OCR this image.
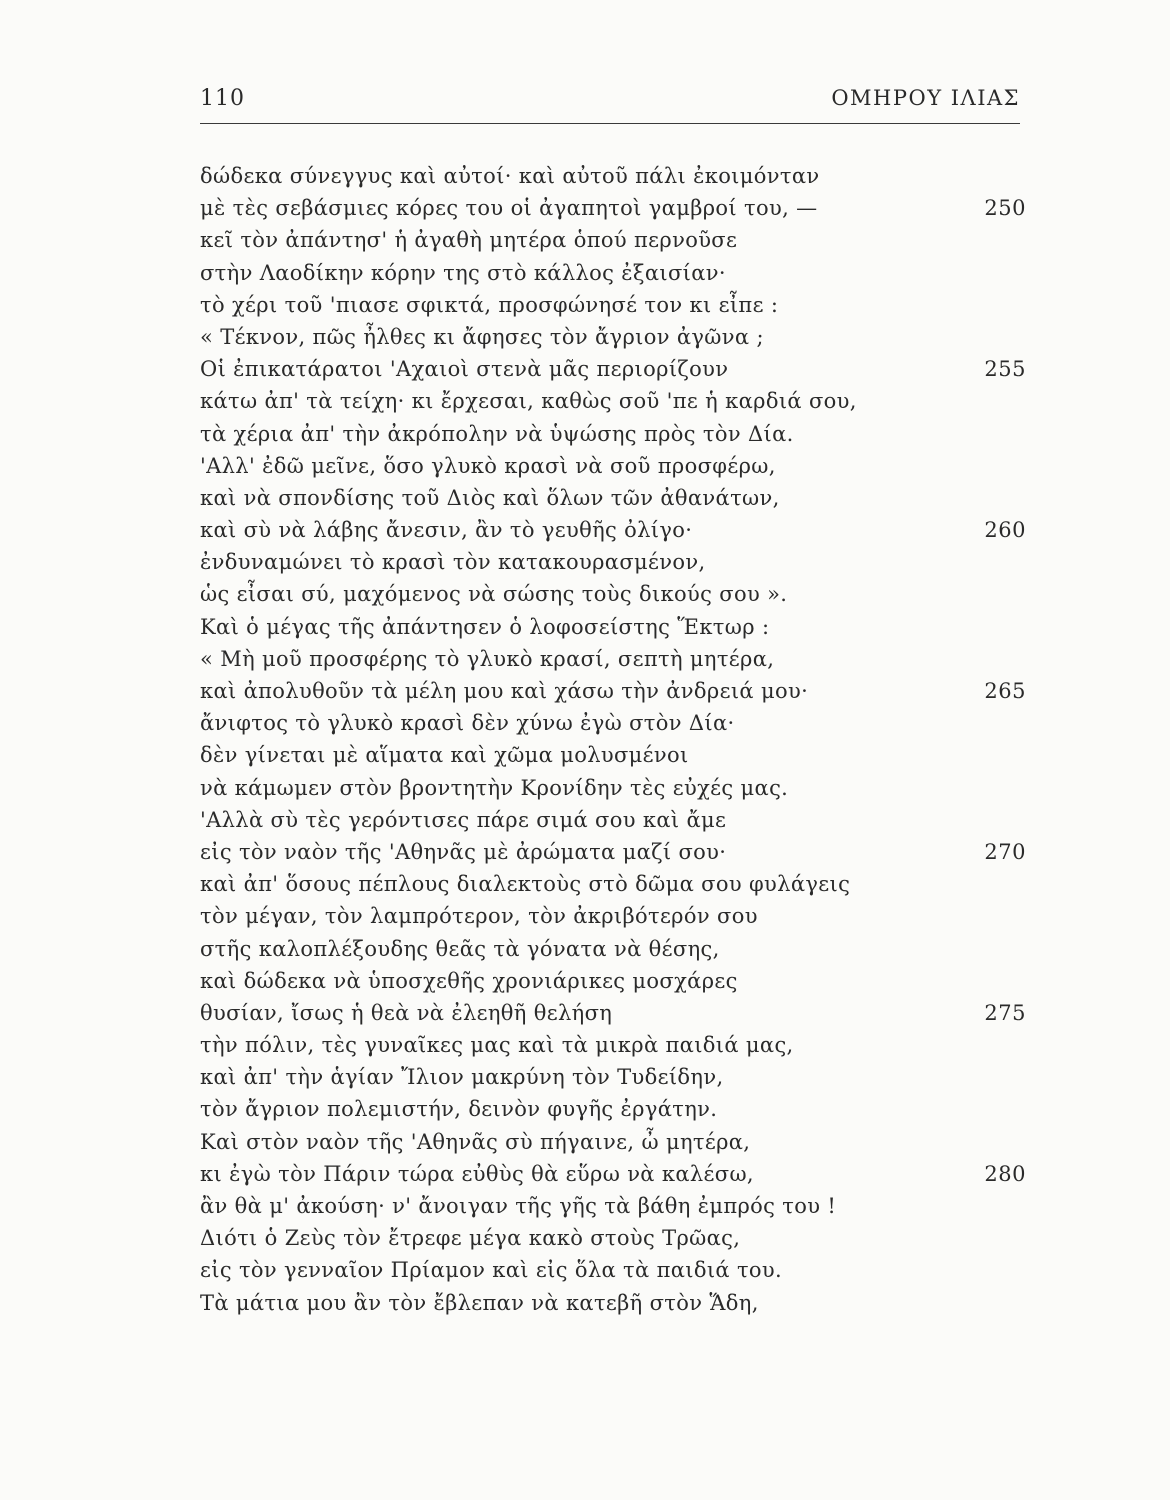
110	ΟΜΗΡΟΥ ΙΛΙΑΣ
δώδεκα σύνεγγυς καὶ αὐτοί· καὶ αὐτοῦ πάλι ἐκοιμόνταν
μὲ τὲς σεβάσμιες κόρες του οἱ ἀγαπητοὶ γαμβροί του, —	250
κεῖ τὸν ἀπάντησ' ἡ ἀγαθὴ μητέρα ὁπού περνοῦσε
στὴν Λαοδίκην κόρην της στὸ κάλλος ἐξαισίαν·
τὸ χέρι τοῦ 'πιασε σφικτά, προσφώνησέ τον κι εἶπε :
« Τέκνον, πῶς ἦλθες κι ἄφησες τὸν ἄγριον ἀγῶνα ;
Οἱ ἐπικατάρατοι 'Αχαιοὶ στενὰ μᾶς περιορίζουν	255
κάτω ἀπ' τὰ τείχη· κι ἔρχεσαι, καθὼς σοῦ 'πε ἡ καρδιά σου,
τὰ χέρια ἀπ' τὴν ἀκρόπολην νὰ ὑψώσης πρὸς τὸν Δία.
'Αλλ' ἐδῶ μεῖνε, ὅσο γλυκὸ κρασὶ νὰ σοῦ προσφέρω,
καὶ νὰ σπονδίσης τοῦ Διὸς καὶ ὅλων τῶν ἀθανάτων,
καὶ σὺ νὰ λάβης ἄνεσιν, ἂν τὸ γευθῆς ὀλίγο·	260
ἐνδυναμώνει τὸ κρασὶ τὸν κατακουρασμένον,
ὡς εἶσαι σύ, μαχόμενος νὰ σώσης τοὺς δικούς σου ».
Καὶ ὁ μέγας τῆς ἀπάντησεν ὁ λοφοσείστης Ἕκτωρ :
« Μὴ μοῦ προσφέρης τὸ γλυκὸ κρασί, σεπτὴ μητέρα,
καὶ ἀπολυθοῦν τὰ μέλη μου καὶ χάσω τὴν ἀνδρειά μου·	265
ἄνιφτος τὸ γλυκὸ κρασὶ δὲν χύνω ἐγὼ στὸν Δία·
δὲν γίνεται μὲ αἵματα καὶ χῶμα μολυσμένοι
νὰ κάμωμεν στὸν βροντητὴν Κρονίδην τὲς εὐχές μας.
'Αλλὰ σὺ τὲς γερόντισες πάρε σιμά σου καὶ ἄμε
εἰς τὸν ναὸν τῆς 'Αθηνᾶς μὲ ἀρώματα μαζί σου·	270
καὶ ἀπ' ὅσους πέπλους διαλεκτοὺς στὸ δῶμα σου φυλάγεις
τὸν μέγαν, τὸν λαμπρότερον, τὸν ἀκριβότερόν σου
στῆς καλοπλέξουδης θεᾶς τὰ γόνατα νὰ θέσης,
καὶ δώδεκα νὰ ὑποσχεθῆς χρονιάρικες μοσχάρες
θυσίαν, ἴσως ἡ θεὰ νὰ ἐλεηθῆ θελήση	275
τὴν πόλιν, τὲς γυναῖκες μας καὶ τὰ μικρὰ παιδιά μας,
καὶ ἀπ' τὴν ἁγίαν Ἴλιον μακρύνη τὸν Τυδείδην,
τὸν ἄγριον πολεμιστήν, δεινὸν φυγῆς ἐργάτην.
Καὶ στὸν ναὸν τῆς 'Αθηνᾶς σὺ πήγαινε, ὦ μητέρα,
κι ἐγὼ τὸν Πάριν τώρα εὐθὺς θὰ εὕρω νὰ καλέσω,	280
ἂν θὰ μ' ἀκούση· ν' ἄνοιγαν τῆς γῆς τὰ βάθη ἐμπρός του !
Διότι ὁ Ζεὺς τὸν ἔτρεφε μέγα κακὸ στοὺς Τρῶας,
εἰς τὸν γενναῖον Πρίαμον καὶ εἰς ὅλα τὰ παιδιά του.
Τὰ μάτια μου ἂν τὸν ἔβλεπαν νὰ κατεβῆ στὸν Ἅδη,
